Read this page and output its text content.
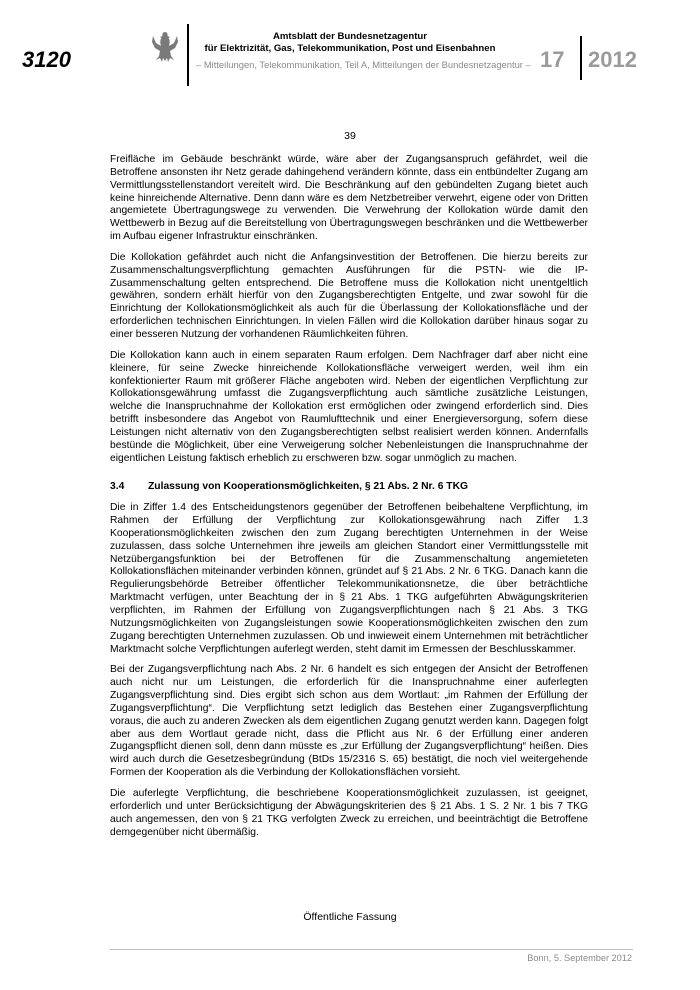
3120
Amtsblatt der Bundesnetzagentur
für Elektrizität, Gas, Telekommunikation, Post und Eisenbahnen
– Mitteilungen, Telekommunikation, Teil A, Mitteilungen der Bundesnetzagentur – 17 2012
39

Freifläche im Gebäude beschränkt würde, wäre aber der Zugangsanspruch gefährdet, weil die Betroffene ansonsten ihr Netz gerade dahingehend verändern könnte, dass ein entbündelter Zugang am Vermittlungsstellenstandort vereitelt wird. Die Beschränkung auf den gebündelten Zugang bietet auch keine hinreichende Alternative. Denn dann wäre es dem Netzbetreiber verwehrt, eigene oder von Dritten angemietete Übertragungswege zu verwenden. Die Verwehrung der Kollokation würde damit den Wettbewerb in Bezug auf die Bereitstellung von Übertragungswegen beschränken und die Wettbewerber im Aufbau eigener Infrastruktur einschränken.

Die Kollokation gefährdet auch nicht die Anfangsinvestition der Betroffenen. Die hierzu bereits zur Zusammenschaltungsverpflichtung gemachten Ausführungen für die PSTN- wie die IP-Zusammenschaltung gelten entsprechend. Die Betroffene muss die Kollokation nicht unentgeltlich gewähren, sondern erhält hierfür von den Zugangsberechtigten Entgelte, und zwar sowohl für die Einrichtung der Kollokationsmöglichkeit als auch für die Überlassung der Kollokationsfläche und der erforderlichen technischen Einrichtungen. In vielen Fällen wird die Kollokation darüber hinaus sogar zu einer besseren Nutzung der vorhandenen Räumlichkeiten führen.

Die Kollokation kann auch in einem separaten Raum erfolgen. Dem Nachfrager darf aber nicht eine kleinere, für seine Zwecke hinreichende Kollokationsfläche verweigert werden, weil ihm ein konfektionierter Raum mit größerer Fläche angeboten wird. Neben der eigentlichen Verpflichtung zur Kollokationsgewährung umfasst die Zugangsverpflichtung auch sämtliche zusätzliche Leistungen, welche die Inanspruchnahme der Kollokation erst ermöglichen oder zwingend erforderlich sind. Dies betrifft insbesondere das Angebot von Raumlufttechnik und einer Energieversorgung, sofern diese Leistungen nicht alternativ von den Zugangsberechtigten selbst realisiert werden können. Andernfalls bestünde die Möglichkeit, über eine Verweigerung solcher Nebenleistungen die Inanspruchnahme der eigentlichen Leistung faktisch erheblich zu erschweren bzw. sogar unmöglich zu machen.

3.4	Zulassung von Kooperationsmöglichkeiten, § 21 Abs. 2 Nr. 6 TKG

Die in Ziffer 1.4 des Entscheidungstenors gegenüber der Betroffenen beibehaltene Verpflichtung, im Rahmen der Erfüllung der Verpflichtung zur Kollokationsgewährung nach Ziffer 1.3 Kooperationsmöglichkeiten zwischen den zum Zugang berechtigten Unternehmen in der Weise zuzulassen, dass solche Unternehmen ihre jeweils am gleichen Standort einer Vermittlungsstelle mit Netzübergangsfunktion bei der Betroffenen für die Zusammenschaltung angemieteten Kollokationsflächen miteinander verbinden können, gründet auf § 21 Abs. 2 Nr. 6 TKG. Danach kann die Regulierungsbehörde Betreiber öffentlicher Telekommunikationsnetze, die über beträchtliche Marktmacht verfügen, unter Beachtung der in § 21 Abs. 1 TKG aufgeführten Abwägungskriterien verpflichten, im Rahmen der Erfüllung von Zugangsverpflichtungen nach § 21 Abs. 3 TKG Nutzungsmöglichkeiten von Zugangsleistungen sowie Kooperationsmöglichkeiten zwischen den zum Zugang berechtigten Unternehmen zuzulassen. Ob und inwieweit einem Unternehmen mit beträchtlicher Marktmacht solche Verpflichtungen auferlegt werden, steht damit im Ermessen der Beschlusskammer.

Bei der Zugangsverpflichtung nach Abs. 2 Nr. 6 handelt es sich entgegen der Ansicht der Betroffenen auch nicht nur um Leistungen, die erforderlich für die Inanspruchnahme einer auferlegten Zugangsverpflichtung sind. Dies ergibt sich schon aus dem Wortlaut: „im Rahmen der Erfüllung der Zugangsverpflichtung“. Die Verpflichtung setzt lediglich das Bestehen einer Zugangsverpflichtung voraus, die auch zu anderen Zwecken als dem eigentlichen Zugang genutzt werden kann. Dagegen folgt aber aus dem Wortlaut gerade nicht, dass die Pflicht aus Nr. 6 der Erfüllung einer anderen Zugangspflicht dienen soll, denn dann müsste es „zur Erfüllung der Zugangsverpflichtung“ heißen. Dies wird auch durch die Gesetzesbegründung (BtDs 15/2316 S. 65) bestätigt, die noch viel weitergehende Formen der Kooperation als die Verbindung der Kollokationsflächen vorsieht.

Die auferlegte Verpflichtung, die beschriebene Kooperationsmöglichkeit zuzulassen, ist geeignet, erforderlich und unter Berücksichtigung der Abwägungskriterien des § 21 Abs. 1 S. 2 Nr. 1 bis 7 TKG auch angemessen, den von § 21 TKG verfolgten Zweck zu erreichen, und beeinträchtigt die Betroffene demgegenüber nicht übermäßig.

Öffentliche Fassung
Bonn, 5. September 2012
